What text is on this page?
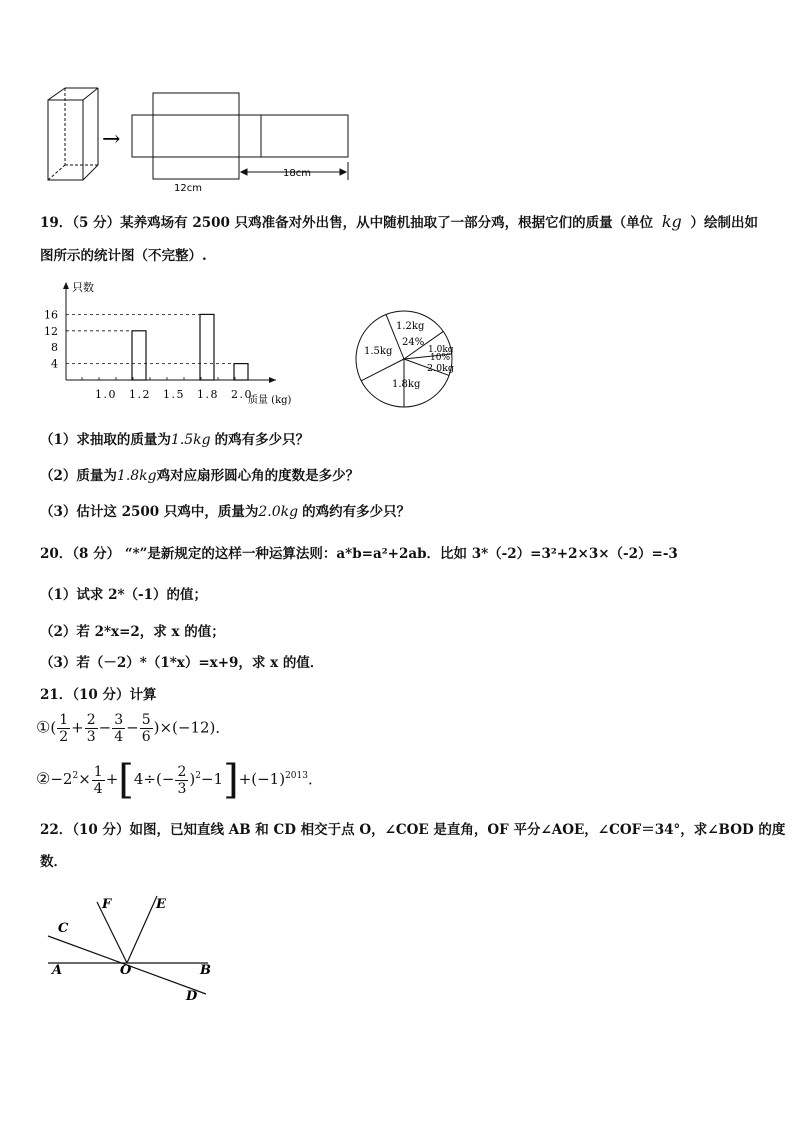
→
12cm
18cm
19．（5 分）某养鸡场有 2500 只鸡准备对外出售，从中随机抽取了一部分鸡，根据它们的质量（单位 kg ）绘制出如
图所示的统计图（不完整）.
只数
质量 (kg)
4
8
12
16
1.0 1.2 1.5 1.8 2.0
1.2kg
24%
1.0kg
10%
2.0kg
1.8kg
1.5kg
（1）求抽取的质量为1.5kg 的鸡有多少只？
（2）质量为1.8kg鸡对应扇形圆心角的度数是多少？
（3）估计这 2500 只鸡中，质量为2.0kg 的鸡约有多少只？
20．（8 分） “*”是新规定的这样一种运算法则：a*b=a²+2ab．比如 3*（-2）=3²+2×3×（-2）=-3
（1）试求 2*（-1）的值；
（2）若 2*x=2，求 x 的值；
（3）若（－2）*（1*x）=x+9，求 x 的值．
21．（10 分）计算
①( $\frac{1}{2} + \frac{2}{3} - \frac{3}{4} - \frac{5}{6} )\times(-12)$．
$②-2^2\times \frac{1}{4} +[4\div(- \frac{2}{3} )^2-1]+(-1)^{2013}$．
22．（10 分）如图，已知直线 AB 和 CD 相交于点 O，∠COE 是直角，OF 平分∠AOE，∠COF＝34°，求∠BOD 的度
数．
C
F	E
A	O	B
D
